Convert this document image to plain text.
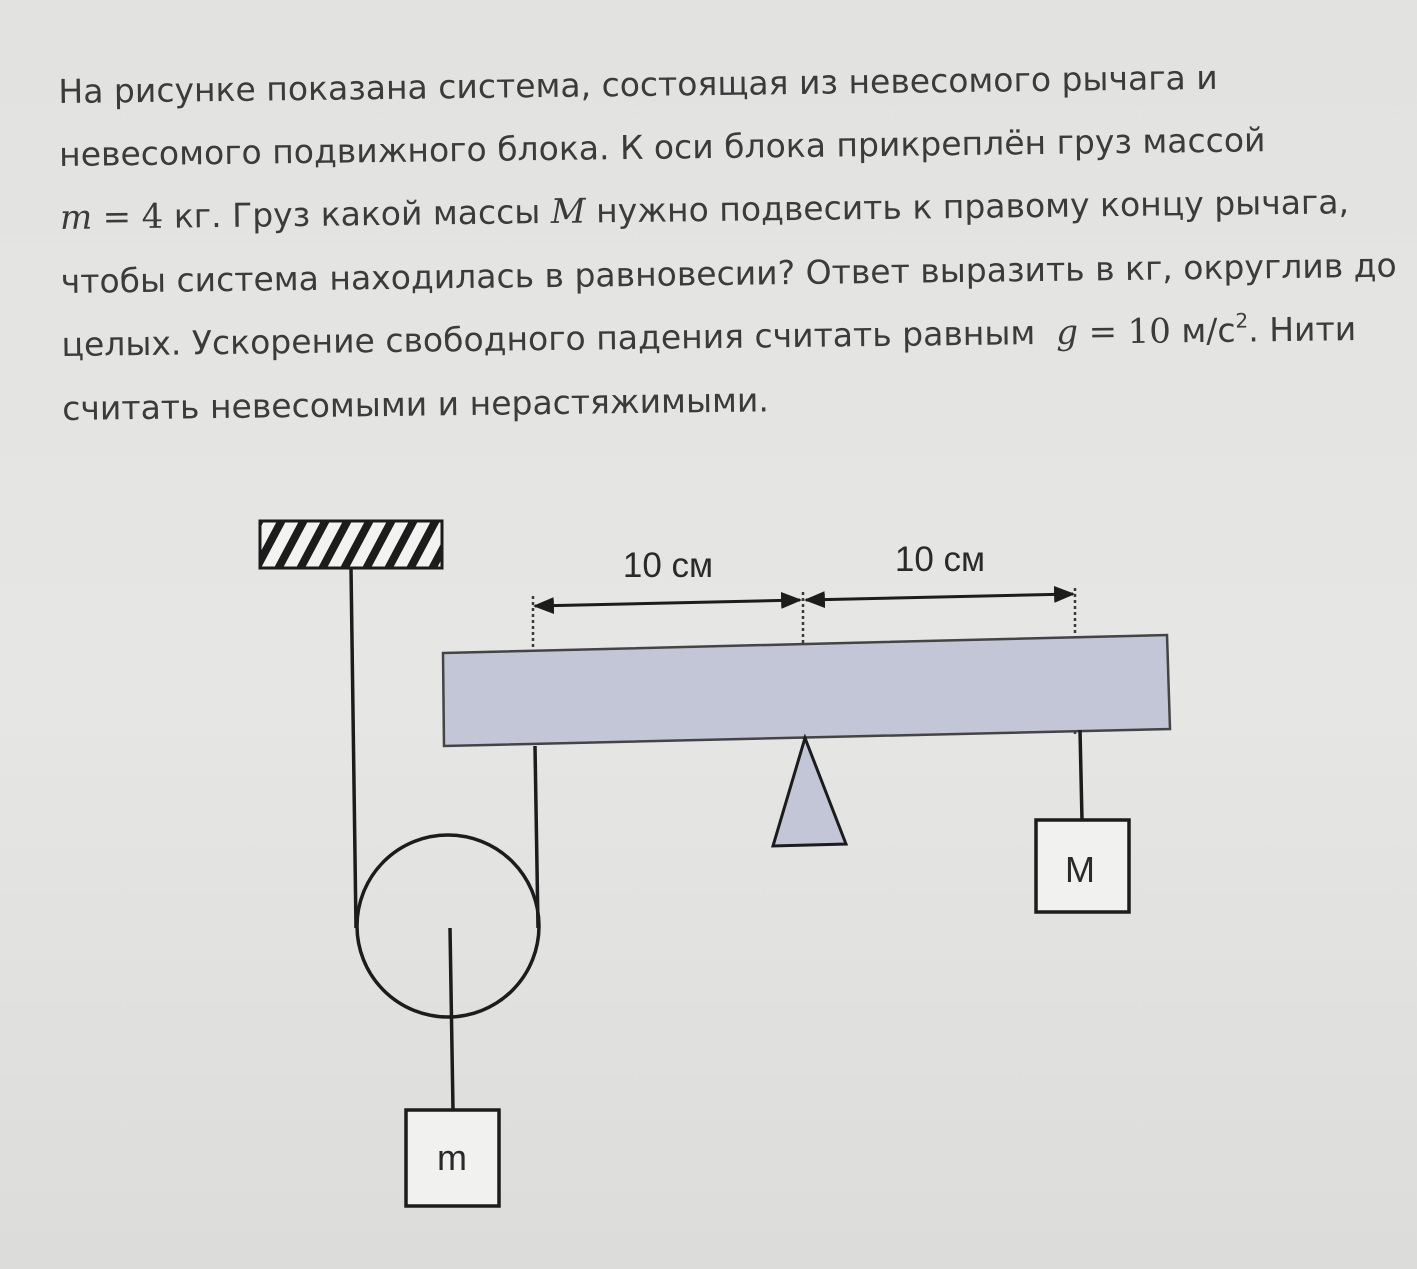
На рисунке показана система, состоящая из невесомого рычага и
невесомого подвижного блока. К оси блока прикреплён груз массой
m = 4 кг. Груз какой массы M нужно подвесить к правому концу рычага,
чтобы система находилась в равновесии? Ответ выразить в кг, округлив до
целых. Ускорение свободного падения считать равным g = 10 $м/с^2$. Нити
считать невесомыми и нерастяжимыми.
10 см	10 см
m
M
